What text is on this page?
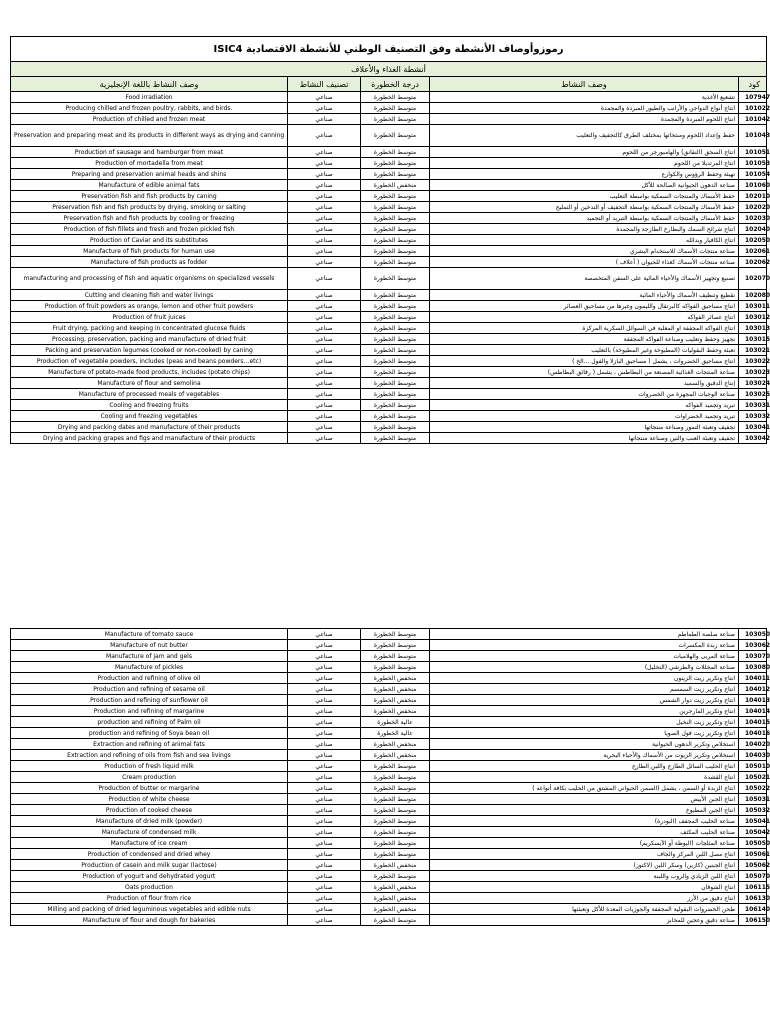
رموزوأوصاف الأنشطة وفق التصنيف الوطني للأنشطة الاقتصادية ISIC4				
أنشطة الغذاء والأعلاف				
وصف النشاط باللغة الإنجليزية	تصنيف النشاط	درجة الخطورة	وصف النشاط	كود
Food irradiation	صناعي	متوسط الخطورة	تشعيع الأغذية	107947
Producing chilled and frozen poultry, rabbits, and birds.	صناعي	متوسط الخطورة	انتاج أنواع الدواجن والأرانب والطيور المبردة والمجمدة	101022
Production of chilled and frozen meat	صناعي	متوسط الخطورة	انتاج اللحوم المبردة والمجمدة	101042
Preservation and preparing meat and its products in different ways as drying and canning	صناعي	متوسط الخطورة	حفظ وإعداد اللحوم ومنتجاتها بمختلف الطرق كالتجفيف والتعليب	101043
Production of sausage and hamburger from meat	صناعي	متوسط الخطورة	انتاج السجق (النقانق) والهامبورجر من اللحوم	101051
Production of mortadella from meat	صناعي	متوسط الخطورة	انتاج المرتديلا من اللحوم	101053
Preparing and preservation animal heads and shins	صناعي	متوسط الخطورة	تهيئة وحفظ الرؤوس والكوارع	101054
Manufacture of edible animal fats	صناعي	منخفض الخطورة	صناعة الدهون الحيوانية الصالحة للأكل	101060
Preservation fish and fish products by caning	صناعي	متوسط الخطورة	حفظ الأسماك والمنتجات السمكية بواسطة التعليب	102010
Preservation fish and fish products by drying, smoking or salting	صناعي	متوسط الخطورة	حفظ الأسماك والمنتجات السمكية بواسطة التجفيف أو التدخين أو التمليح	102020
Preservation fish and fish products by cooling or freezing	صناعي	متوسط الخطورة	حفظ الأسماك والمنتجات السمكية بواسطة التبريد أو التجميد	102030
Production of fish fillets and fresh and frozen pickled fish	صناعي	متوسط الخطورة	انتاج شرائح السمك والبطارخ الطازجة والمجمدة	102040
Production of Caviar and its substitutes	صناعي	متوسط الخطورة	انتاج الكافيار وبدائله	102050
Manufacture of fish products for human use	صناعي	متوسط الخطورة	صناعة منتجات الأسماك للاستخدام البشري	102061
Manufacture of fish products as fodder	صناعي	متوسط الخطورة	صناعة منتجات الأسماك كغذاء للحيوان ( أعلاف )	102062
manufacturing and processing of fish and aquatic organisms on specialized vessels	صناعي	متوسط الخطورة	تصنيع وتجهيز الأسماك والأحياء المائية على السفن المتخصصة	102070
Cutting and cleaning fish and water livings	صناعي	متوسط الخطورة	تقطيع وتنظيف الأسماك والأحياء المائية	102080
Production of fruit powders as orange, lemon and other fruit powders	صناعي	متوسط الخطورة	انتاج مساحيق الفواكه كالبرتقال والليمون وغيرها من مساحيق العصائر	103011
Production of fruit juices	صناعي	متوسط الخطورة	انتاج عصائر الفواكه	103012
Fruit drying, packing and keeping in concentrated glucose fluids	صناعي	متوسط الخطورة	انتاج الفواكه المجففة او المعلبة في السوائل السكرية المركزة	103013
Processing, preservation, packing and manufacture of dried fruit	صناعي	متوسط الخطورة	تجهيز وحفظ وتعليب وصناعة الفواكه المجففة	103015
Packing and preservation legumes (cooked or non-cooked) by caning	صناعي	متوسط الخطورة	تعبئة وحفظ البقوليات (المطبوخة وغير المطبوخة) بالتعليب	103021
Production of vegetable powders, includes (peas and beans powders…etc)	صناعي	متوسط الخطورة	انتاج مساحيق الخضروات ، يشمل ( مساحيق البازلا والفول ...الخ )	103022
Manufacture of potato-made food products, includes (potato chips)	صناعي	متوسط الخطورة	صناعة المنتجات الغذائية المصنعة من البطاطس ، يشمل ( رقائق البطاطس)	103023
Manufacture of flour and semolina	صناعي	متوسط الخطورة	إنتاج الدقيق والسميد	103024
Manufacture of processed meals of vegetables	صناعي	متوسط الخطورة	صناعة الوجبات المجهزة من الخضروات	103025
Cooling and freezing fruits	صناعي	متوسط الخطورة	تبريد وتجميد الفواكه	103031
Cooling and freezing vegetables	صناعي	متوسط الخطورة	تبريد وتجميد الخضراوات	103032
Drying and packing dates and manufacture of their products	صناعي	متوسط الخطورة	تجفيف وتعبئة التمور وصناعة منتجاتها	103041
Drying and packing grapes and figs and manufacture of their products	صناعي	متوسط الخطورة	تجفيف وتعبئة العنب والتين وصناعة منتجاتها	103042
Manufacture of tomato sauce	صناعي	متوسط الخطورة	صناعة صلصة الطماطم	103050
Manufacture of nut butter	صناعي	متوسط الخطورة	صناعة زبدة المكسرات	103062
Manufacture of jam and gels	صناعي	متوسط الخطورة	صناعة المربى والهلاميات	103070
Manufacture of pickles	صناعي	متوسط الخطورة	صناعة المخللات والطرشي (التخليل)	103080
Production and refining of olive oil	صناعي	منخفض الخطورة	انتاج وتكرير زيت الزيتون	104011
Production and refining of sesame oil	صناعي	منخفض الخطورة	انتاج وتكرير زيت السمسم	104012
Production and refining of sunflower oil	صناعي	منخفض الخطورة	انتاج وتكرير زيت دوار الشمس	104013
Production and refining of margarine	صناعي	منخفض الخطورة	انتاج وتكرير المارجرين	104014
production and refining of Palm oil	صناعي	عالية الخطورة	انتاج وتكرير زيت النخيل	104015
production and refining of Soya bean oil	صناعي	عالية الخطورة	انتاج وتكرير زيت فول الصويا	104016
Extraction and refining of animal fats	صناعي	منخفض الخطورة	استخلاص وتكرير الدهون الحيوانية	104020
Extraction and refining of oils from fish and sea livings	صناعي	منخفض الخطورة	استخلاص وتكرير الزيوت من الأسماك والأحياء البحرية	104030
Production of fresh liquid milk	صناعي	متوسط الخطورة	انتاج الحليب السائل الطازج واللبن الطازج	105010
Cream production	صناعي	متوسط الخطورة	انتاج القشدة	105021
Production of butter or margarine	صناعي	متوسط الخطورة	انتاج الزبدة أو السمن ، يشمل (السمن الحيواني المشتق من الحليب بكافة أنواعه )	105022
Production of white cheese	صناعي	متوسط الخطورة	انتاج الجبن الأبيض	105031
Production of cooked cheese	صناعي	متوسط الخطورة	انتاج الجبن المطبوخ	105032
Manufacture of dried milk (powder)	صناعي	متوسط الخطورة	صناعة الحليب المجفف (البودرة)	105041
Manufacture of condensed milk	صناعي	متوسط الخطورة	صناعة الحليب المكثف	105042
Manufacture of ice cream	صناعي	متوسط الخطورة	صناعة المثلجات (البوظة أو الآيسكريم)	105050
Production of condensed and dried whey	صناعي	متوسط الخطورة	انتاج مصل اللبن المركز والجاف	105061
Production of casein and milk sugar (lactose)	صناعي	منخفض الخطورة	انتاج الجبنين (كازين) وسكر اللبن (لاكتوز)	105062
Production of yogurt and dehydrated yogurt	صناعي	متوسط الخطورة	انتاج اللبن الزبادي والروب واللبنة	105070
Oats production	صناعي	منخفض الخطورة	انتاج الشوفان	106115
Production of flour from rice	صناعي	منخفض الخطورة	انتاج دقيق من الأرز	106130
Milling and packing of dried leguminous vegetables and edible nuts	صناعي	منخفض الخطورة	طحن الخضروات البقولية المجففة والجوزيات المعدة للأكل وتعبئتها	106140
Manufacture of flour and dough for bakeries	صناعي	متوسط الخطورة	صناعة دقيق وعجين للمخابز	106150
